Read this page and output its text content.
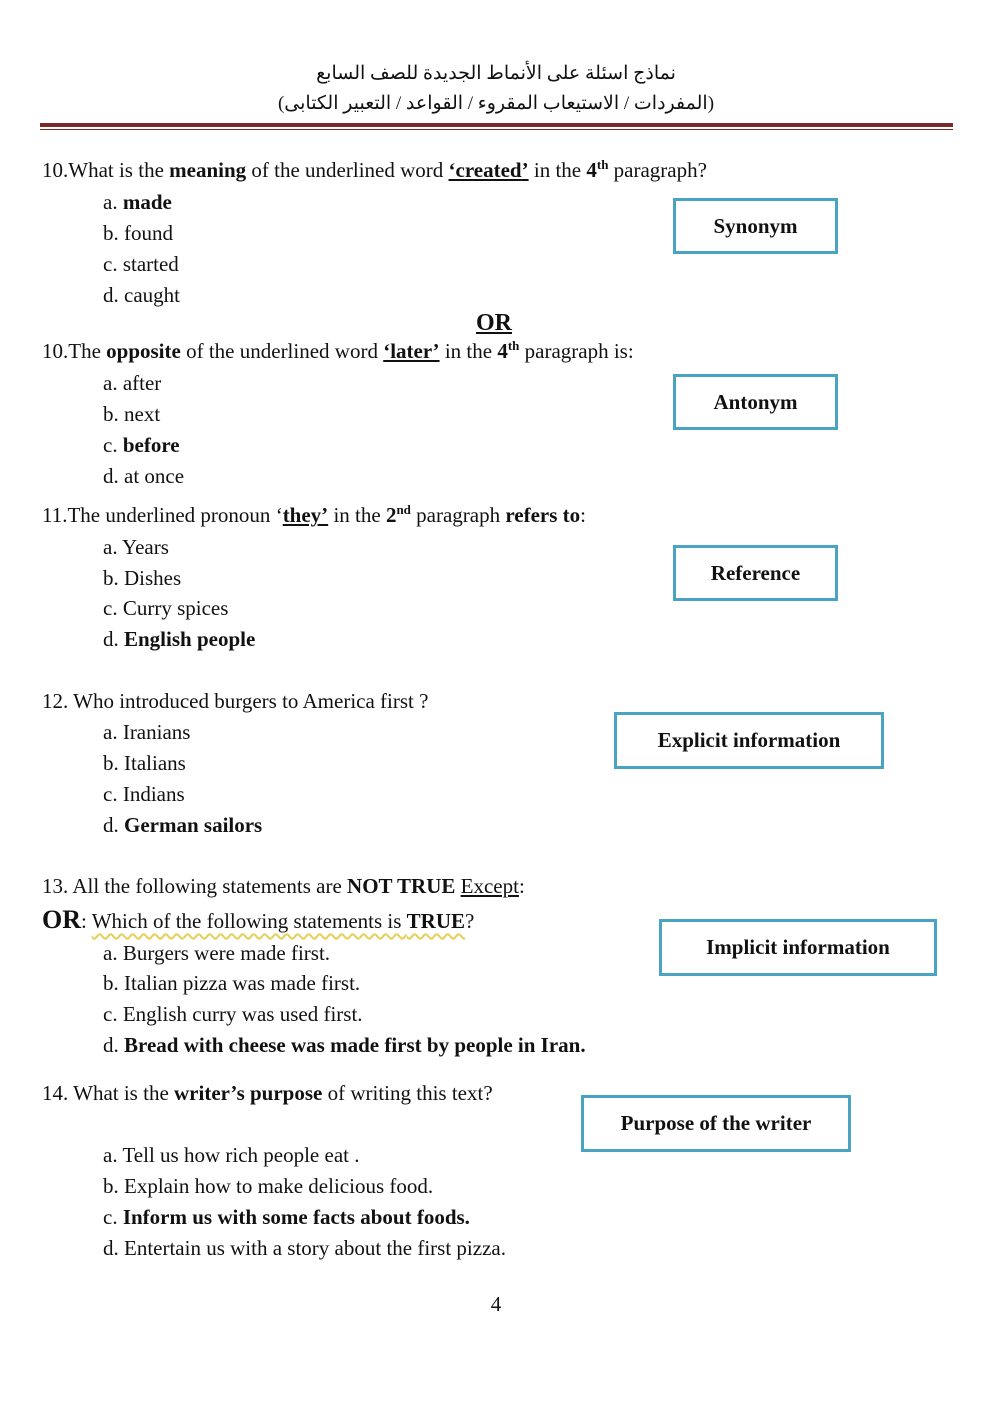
نماذج اسئلة على الأنماط الجديدة للصف السابع
(المفردات / الاستيعاب المقروء / القواعد / التعبير الكتابى)
10.What is the meaning of the underlined word ‘created’ in the 4th paragraph?
a. made
b. found
c. started
d. caught
Synonym
OR
10.The opposite of the underlined word ‘later’ in the 4th paragraph is:
a. after
b. next
c. before
d. at once
Antonym
11.The underlined pronoun ‘they’ in the 2nd paragraph refers to:
a. Years
b. Dishes
c. Curry spices
d. English people
Reference
12. Who introduced burgers to America first ?
a. Iranians
b. Italians
c. Indians
d. German sailors
Explicit information
13. All the following statements are NOT TRUE Except:
OR: Which of the following statements is TRUE?
a. Burgers were made first.
b. Italian pizza was made first.
c. English curry was used first.
d. Bread with cheese was made first by people in Iran.
Implicit information
14. What is the writer’s purpose of writing this text?
a. Tell us how rich people eat .
b. Explain how to make delicious food.
c. Inform us with some facts about foods.
d. Entertain us with a story about the first pizza.
Purpose of the writer
4
